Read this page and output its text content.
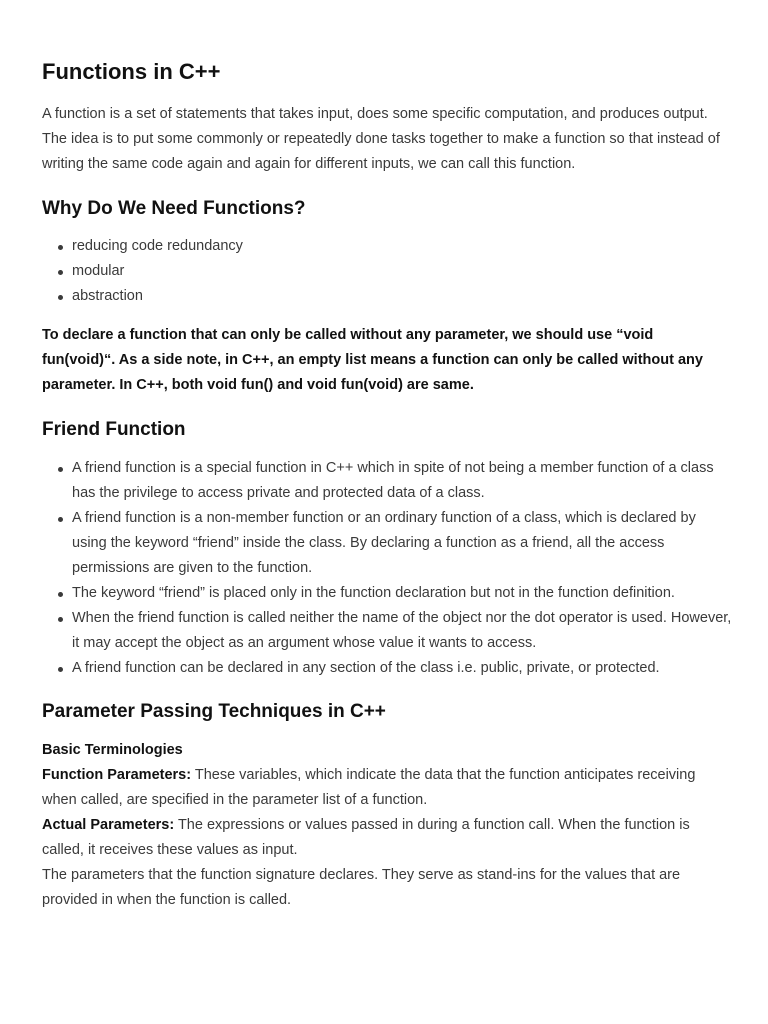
Functions in C++

A function is a set of statements that takes input, does some specific computation, and produces output. The idea is to put some commonly or repeatedly done tasks together to make a function so that instead of writing the same code again and again for different inputs, we can call this function.

Why Do We Need Functions?
reducing code redundancy
modular
abstraction

To declare a function that can only be called without any parameter, we should use “void fun(void)“. As a side note, in C++, an empty list means a function can only be called without any parameter. In C++, both void fun() and void fun(void) are same.

Friend Function
A friend function is a special function in C++ which in spite of not being a member function of a class has the privilege to access private and protected data of a class.
A friend function is a non-member function or an ordinary function of a class, which is declared by using the keyword “friend” inside the class. By declaring a function as a friend, all the access permissions are given to the function.
The keyword “friend” is placed only in the function declaration but not in the function definition.
When the friend function is called neither the name of the object nor the dot operator is used. However, it may accept the object as an argument whose value it wants to access.
A friend function can be declared in any section of the class i.e. public, private, or protected.
Parameter Passing Techniques in C++
Basic Terminologies
Function Parameters: These variables, which indicate the data that the function anticipates receiving when called, are specified in the parameter list of a function.
Actual Parameters: The expressions or values passed in during a function call. When the function is called, it receives these values as input.
The parameters that the function signature declares. They serve as stand-ins for the values that are provided in when the function is called.
